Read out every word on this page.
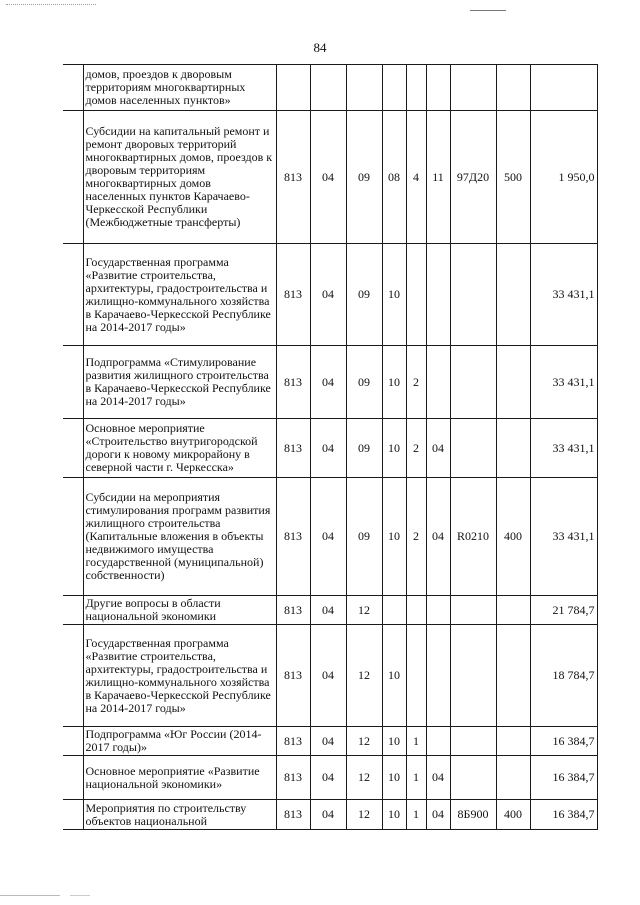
84
	домов, проездов к дворовым территориям многоквартирных домов населенных пунктов»									
	Субсидии на капитальный ремонт и ремонт дворовых территорий многоквартирных домов, проездов к дворовым территориям многоквартирных домов населенных пунктов Карачаево-Черкесской Республики (Межбюджетные трансферты)	813	04	09	08	4	11	97Д20	500	1 950,0
	Государственная программа «Развитие строительства, архитектуры, градостроительства и жилищно-коммунального хозяйства в Карачаево-Черкесской Республике на 2014-2017 годы»	813	04	09	10					33 431,1
	Подпрограмма «Стимулирование развития жилищного строительства в Карачаево-Черкесской Республике на 2014-2017 годы»	813	04	09	10	2				33 431,1
	Основное мероприятие «Строительство внутригородской дороги к новому микрорайону в северной части г. Черкесска»	813	04	09	10	2	04			33 431,1
	Субсидии на мероприятия стимулирования программ развития жилищного строительства (Капитальные вложения в объекты недвижимого имущества государственной (муниципальной) собственности)	813	04	09	10	2	04	R0210	400	33 431,1
	Другие вопросы в области национальной экономики	813	04	12						21 784,7
	Государственная программа «Развитие строительства, архитектуры, градостроительства и жилищно-коммунального хозяйства в Карачаево-Черкесской Республике на 2014-2017 годы»	813	04	12	10					18 784,7
	Подпрограмма «Юг России (2014-2017 годы)»	813	04	12	10	1				16 384,7
	Основное мероприятие «Развитие национальной экономики»	813	04	12	10	1	04			16 384,7
	Мероприятия по строительству объектов национальной	813	04	12	10	1	04	8Б900	400	16 384,7
